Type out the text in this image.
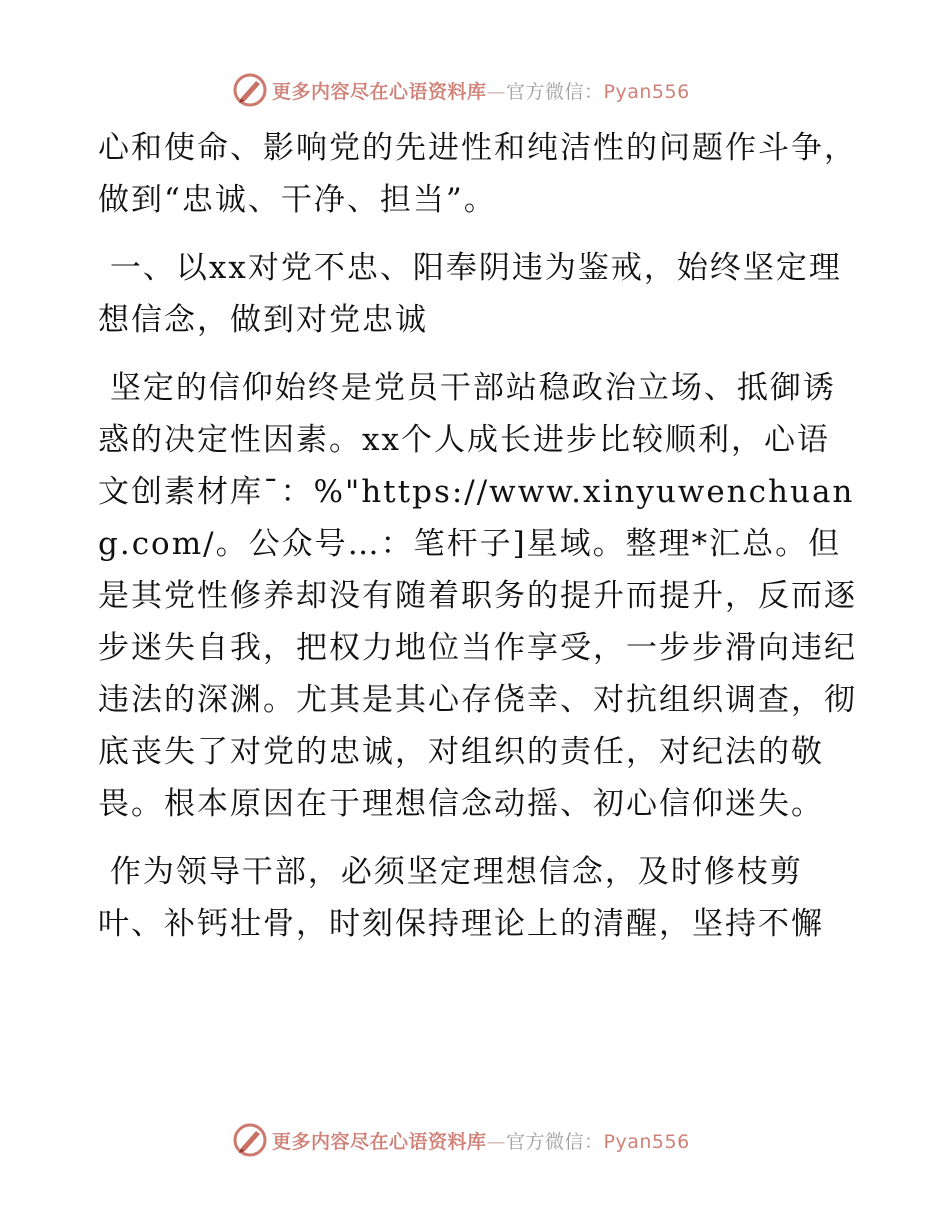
更多内容尽在心语资料库—官方微信：Pyan556

心和使命、影响党的先进性和纯洁性的问题作斗争，做到“忠诚、干净、担当”。

一、以xx对党不忠、阳奉阴违为鉴戒，始终坚定理想信念，做到对党忠诚

坚定的信仰始终是党员干部站稳政治立场、抵御诱惑的决定性因素。xx个人成长进步比较顺利，心语文创素材库¯：%"https://www.xinyuwenchuang.com/。公众号…：笔杆子]星域。整理*汇总。但是其党性修养却没有随着职务的提升而提升，反而逐步迷失自我，把权力地位当作享受，一步步滑向违纪违法的深渊。尤其是其心存侥幸、对抗组织调查，彻底丧失了对党的忠诚，对组织的责任，对纪法的敬畏。根本原因在于理想信念动摇、初心信仰迷失。

作为领导干部，必须坚定理想信念，及时修枝剪叶、补钙壮骨，时刻保持理论上的清醒，坚持不懈

更多内容尽在心语资料库—官方微信：Pyan556
